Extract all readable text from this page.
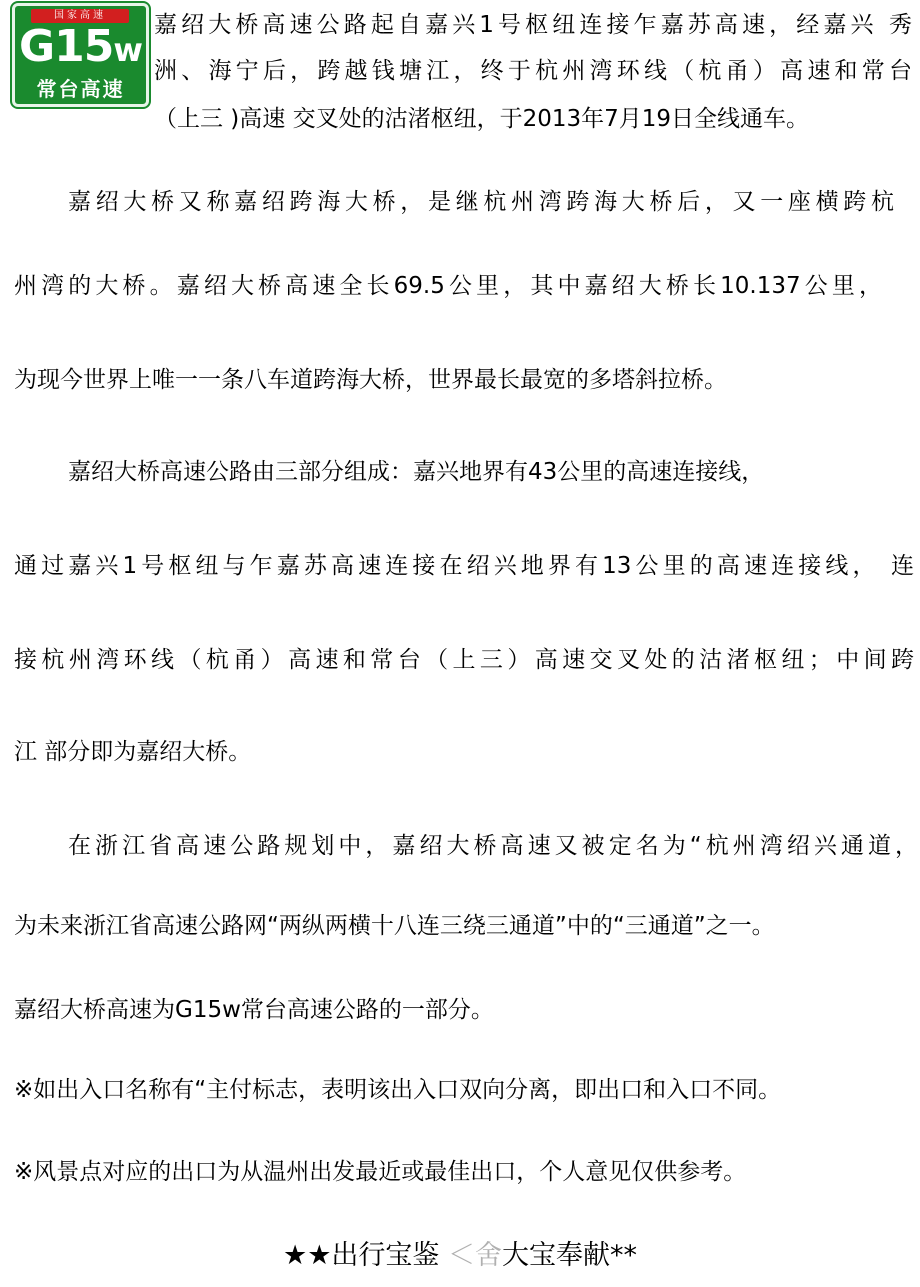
国家高速
G15w
常台高速
嘉绍大桥高速公路起自嘉兴1号枢纽连接乍嘉苏高速，经嘉兴 秀
洲、海宁后，跨越钱塘江，终于杭州湾环线（杭甬）高速和常台
（上三 )高速 交叉处的沽渚枢纽，于2013年7月19日全线通车。
嘉绍大桥又称嘉绍跨海大桥，是继杭州湾跨海大桥后，又一座横跨杭
州湾的大桥。嘉绍大桥高速全长69.5公里，其中嘉绍大桥长10.137公里，
为现今世界上唯一一条八车道跨海大桥，世界最长最宽的多塔斜拉桥。
嘉绍大桥高速公路由三部分组成：嘉兴地界有43公里的高速连接线，
通过嘉兴1号枢纽与乍嘉苏高速连接在绍兴地界有13公里的高速连接线， 连
接杭州湾环线（杭甬）高速和常台（上三）高速交叉处的沽渚枢纽；中间跨
江 部分即为嘉绍大桥。
在浙江省高速公路规划中，嘉绍大桥高速又被定名为“杭州湾绍兴通道，
为未来浙江省高速公路网“两纵两横十八连三绕三通道”中的“三通道”之一。
嘉绍大桥高速为G15w常台高速公路的一部分。
※如出入口名称有“主付标志，表明该出入口双向分离，即出口和入口不同。
※风景点对应的出口为从温州出发最近或最佳出口，个人意见仅供参考。
★★出行宝鉴 ＜舍大宝奉献**
